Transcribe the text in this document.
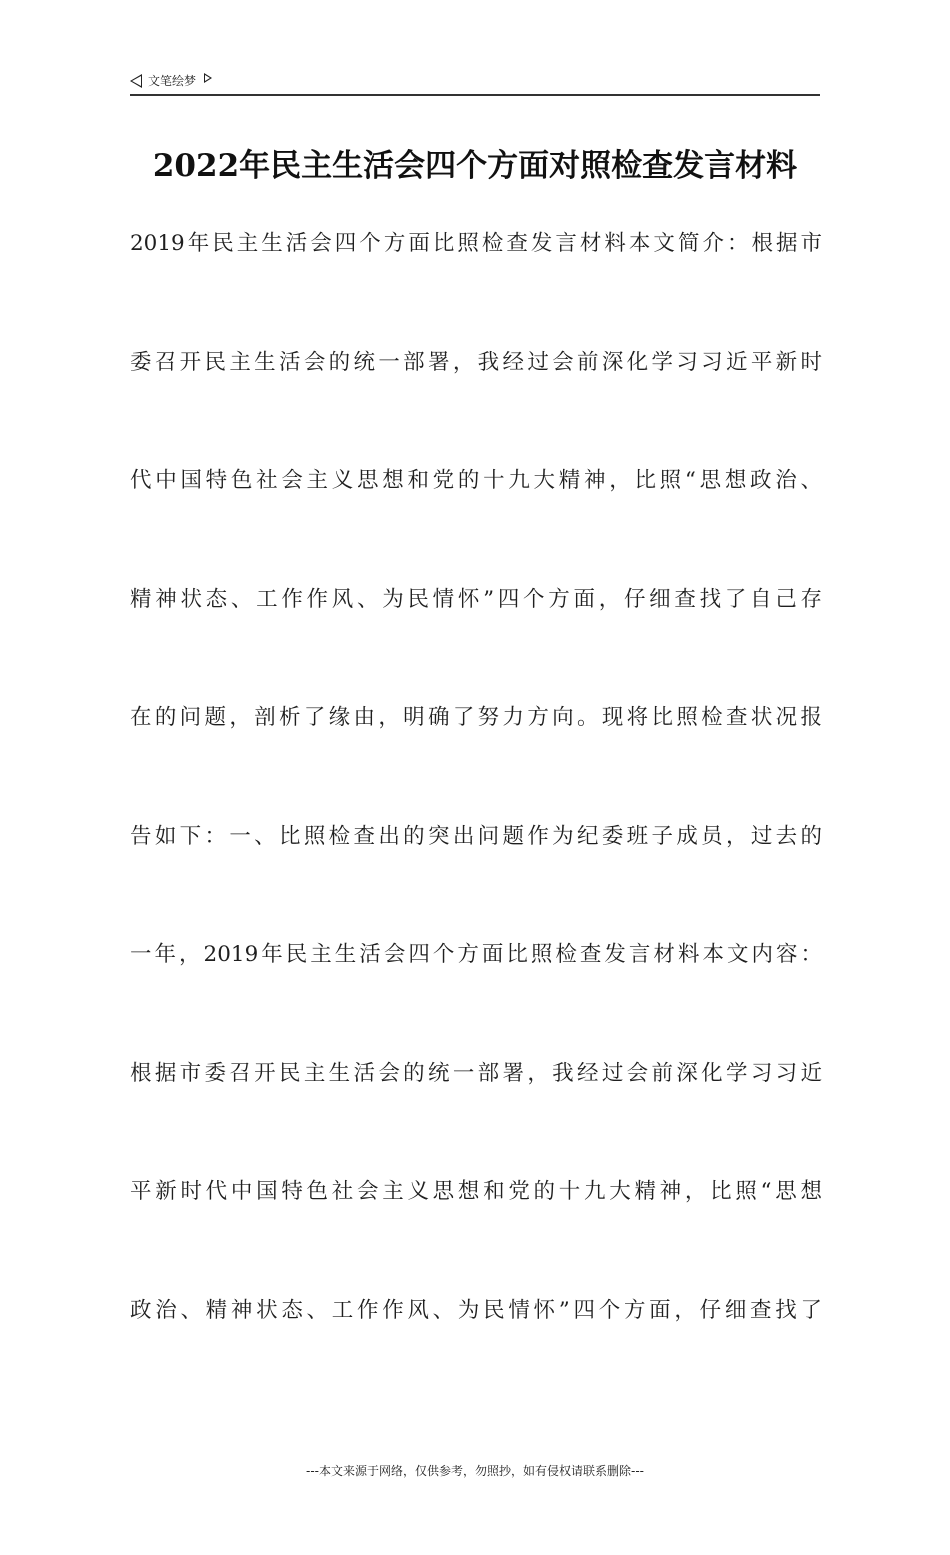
文笔绘梦
2022年民主生活会四个方面对照检查发言材料
2019年民主生活会四个方面比照检查发言材料本文简介：根据市
委召开民主生活会的统一部署，我经过会前深化学习习近平新时
代中国特色社会主义思想和党的十九大精神，比照“思想政治、
精神状态、工作作风、为民情怀”四个方面，仔细查找了自己存
在的问题，剖析了缘由，明确了努力方向。现将比照检查状况报
告如下：一、比照检查出的突出问题作为纪委班子成员，过去的
一年，2019年民主生活会四个方面比照检查发言材料本文内容：
根据市委召开民主生活会的统一部署，我经过会前深化学习习近
平新时代中国特色社会主义思想和党的十九大精神，比照“思想
政治、精神状态、工作作风、为民情怀”四个方面，仔细查找了
---本文来源于网络，仅供参考，勿照抄，如有侵权请联系删除---
